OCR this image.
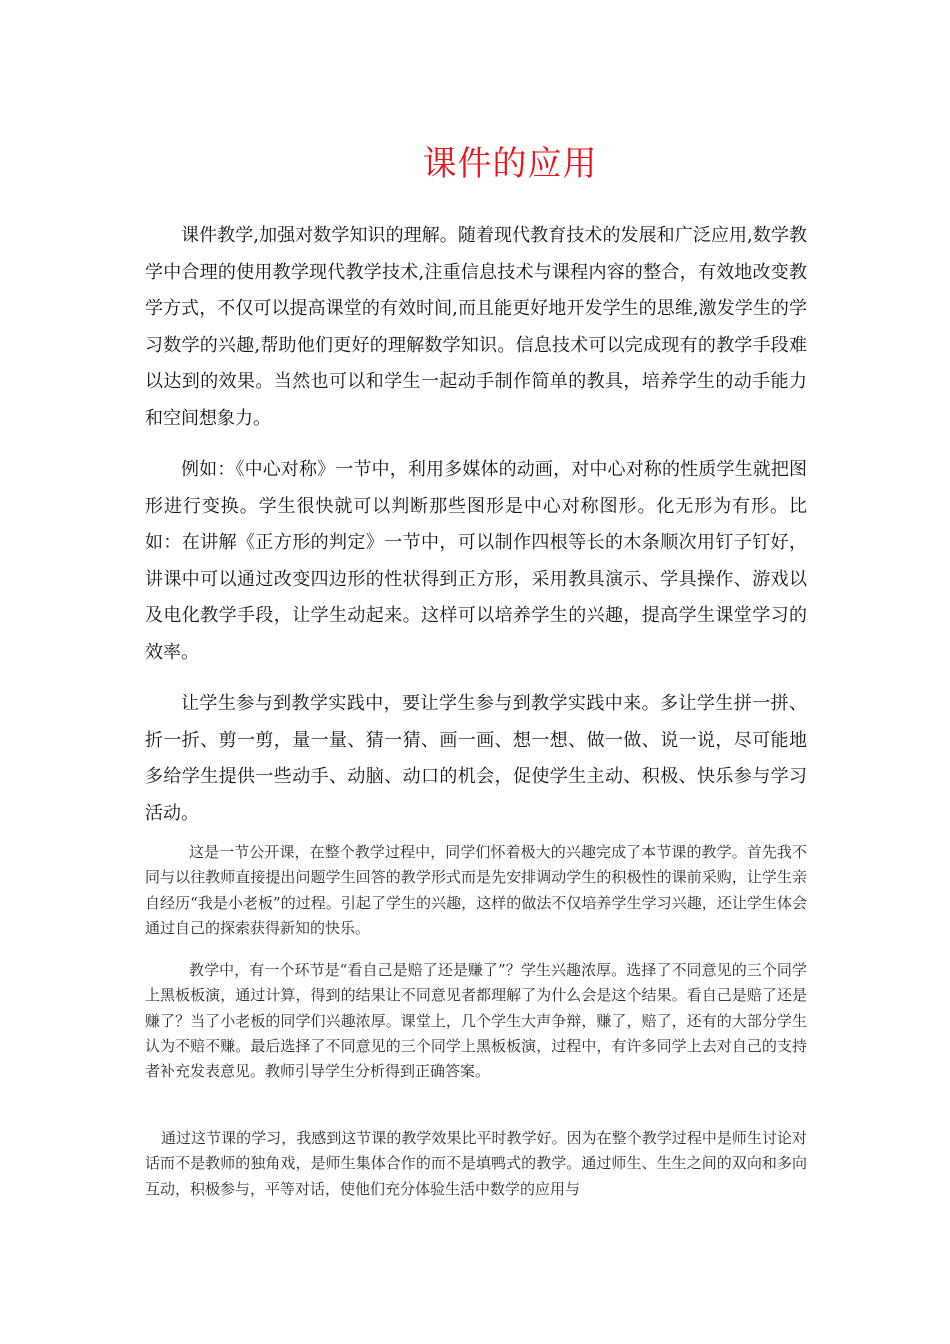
课件的应用

课件教学,加强对数学知识的理解。随着现代教育技术的发展和广泛应用,数学教学中合理的使用教学现代教学技术,注重信息技术与课程内容的整合，有效地改变教学方式，不仅可以提高课堂的有效时间,而且能更好地开发学生的思维,激发学生的学习数学的兴趣,帮助他们更好的理解数学知识。信息技术可以完成现有的教学手段难以达到的效果。当然也可以和学生一起动手制作简单的教具，培养学生的动手能力和空间想象力。

例如：《中心对称》一节中，利用多媒体的动画，对中心对称的性质学生就把图形进行变换。学生很快就可以判断那些图形是中心对称图形。化无形为有形。比如：在讲解《正方形的判定》一节中，可以制作四根等长的木条顺次用钉子钉好，讲课中可以通过改变四边形的性状得到正方形，采用教具演示、学具操作、游戏以及电化教学手段，让学生动起来。这样可以培养学生的兴趣，提高学生课堂学习的效率。

让学生参与到教学实践中，要让学生参与到教学实践中来。多让学生拼一拼、折一折、剪一剪，量一量、猜一猜、画一画、想一想、做一做、说一说，尽可能地多给学生提供一些动手、动脑、动口的机会，促使学生主动、积极、快乐参与学习活动。

这是一节公开课，在整个教学过程中，同学们怀着极大的兴趣完成了本节课的教学。首先我不同与以往教师直接提出问题学生回答的教学形式而是先安排调动学生的积极性的课前采购，让学生亲自经历“我是小老板”的过程。引起了学生的兴趣，这样的做法不仅培养学生学习兴趣，还让学生体会通过自己的探索获得新知的快乐。

教学中，有一个环节是“看自己是赔了还是赚了”？学生兴趣浓厚。选择了不同意见的三个同学上黑板板演，通过计算，得到的结果让不同意见者都理解了为什么会是这个结果。看自己是赔了还是赚了？当了小老板的同学们兴趣浓厚。课堂上，几个学生大声争辩，赚了，赔了，还有的大部分学生认为不赔不赚。最后选择了不同意见的三个同学上黑板板演，过程中，有许多同学上去对自己的支持者补充发表意见。教师引导学生分析得到正确答案。

通过这节课的学习，我感到这节课的教学效果比平时教学好。因为在整个教学过程中是师生讨论对话而不是教师的独角戏，是师生集体合作的而不是填鸭式的教学。通过师生、生生之间的双向和多向互动，积极参与，平等对话，使他们充分体验生活中数学的应用与
